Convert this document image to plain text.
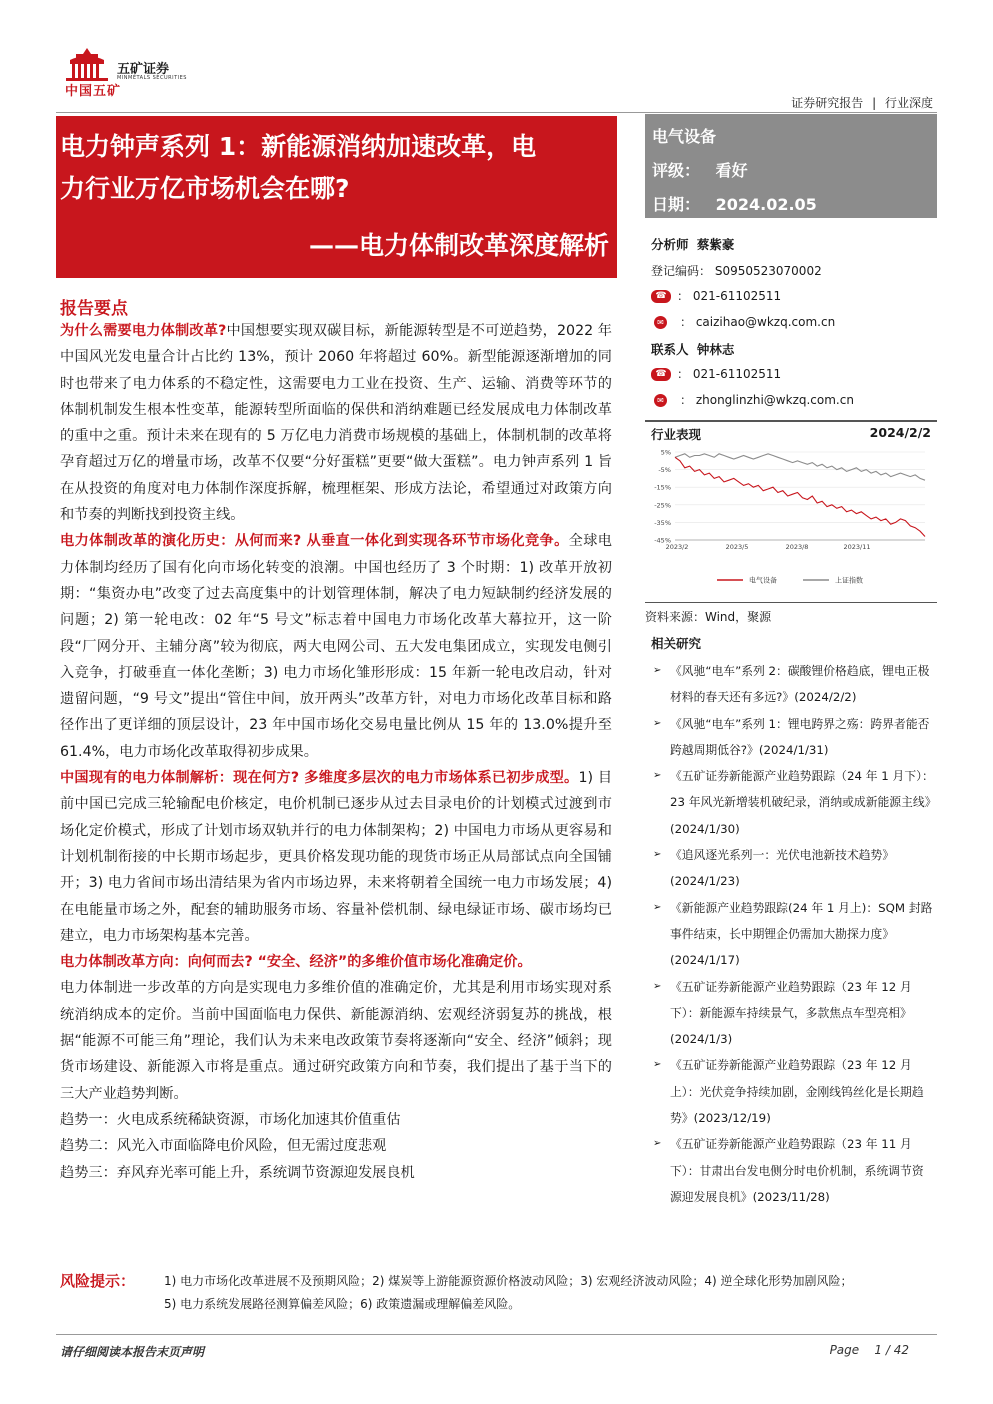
中国五矿
五矿证券
MINMETALS SECURITIES
证券研究报告 | 行业深度
电力钟声系列 1：新能源消纳加速改革，电
力行业万亿市场机会在哪?
——电力体制改革深度解析
电气设备
评级： 看好
日期： 2024.02.05
分析师 蔡紫豪
登记编码： S0950523070002
☎ ： 021-61102511
✉ ： caizihao@wkzq.com.cn
联系人 钟林志
☎ ： 021-61102511
✉ ： zhonglinzhi@wkzq.com.cn
行业表现	2024/2/2
5%
-5%
-15%
-25%
-35%
-45%
2023/2	2023/5	2023/8	2023/11
电气设备	上证指数
资料来源：Wind，聚源
相关研究
➢ 《风驰“电车”系列 2：碳酸锂价格趋底，锂电正极材料的春天还有多远?》(2024/2/2)
➢ 《风驰“电车”系列 1：锂电跨界之殇：跨界者能否跨越周期低谷?》(2024/1/31)
➢ 《五矿证券新能源产业趋势跟踪（24 年 1 月下）：23 年风光新增装机破纪录，消纳或成新能源主线》(2024/1/30)
➢ 《追风逐光系列一：光伏电池新技术趋势》(2024/1/23)
➢ 《新能源产业趋势跟踪(24 年 1 月上)：SQM 封路事件结束，长中期锂企仍需加大勘探力度》(2024/1/17)
➢ 《五矿证券新能源产业趋势跟踪（23 年 12 月下）：新能源车持续景气，多款焦点车型亮相》(2024/1/3)
➢ 《五矿证券新能源产业趋势跟踪（23 年 12 月上）：光伏竞争持续加剧，金刚线钨丝化是长期趋势》(2023/12/19)
➢ 《五矿证券新能源产业趋势跟踪（23 年 11 月下）：甘肃出台发电侧分时电价机制，系统调节资源迎发展良机》(2023/11/28)
报告要点

为什么需要电力体制改革?中国想要实现双碳目标，新能源转型是不可逆趋势，2022 年中国风光发电量合计占比约 13%，预计 2060 年将超过 60%。新型能源逐渐增加的同时也带来了电力体系的不稳定性，这需要电力工业在投资、生产、运输、消费等环节的体制机制发生根本性变革，能源转型所面临的保供和消纳难题已经发展成电力体制改革的重中之重。预计未来在现有的 5 万亿电力消费市场规模的基础上，体制机制的改革将孕育超过万亿的增量市场，改革不仅要“分好蛋糕”更要“做大蛋糕”。电力钟声系列 1 旨在从投资的角度对电力体制作深度拆解，梳理框架、形成方法论，希望通过对政策方向和节奏的判断找到投资主线。

电力体制改革的演化历史：从何而来? 从垂直一体化到实现各环节市场化竞争。全球电力体制均经历了国有化向市场化转变的浪潮。中国也经历了 3 个时期：1) 改革开放初期：“集资办电”改变了过去高度集中的计划管理体制，解决了电力短缺制约经济发展的问题；2) 第一轮电改：02 年“5 号文”标志着中国电力市场化改革大幕拉开，这一阶段“厂网分开、主辅分离”较为彻底，两大电网公司、五大发电集团成立，实现发电侧引入竞争，打破垂直一体化垄断；3) 电力市场化雏形形成：15 年新一轮电改启动，针对遗留问题，“9 号文”提出“管住中间，放开两头”改革方针，对电力市场化改革目标和路径作出了更详细的顶层设计，23 年中国市场化交易电量比例从 15 年的 13.0%提升至 61.4%，电力市场化改革取得初步成果。

中国现有的电力体制解析：现在何方? 多维度多层次的电力市场体系已初步成型。1) 目前中国已完成三轮输配电价核定，电价机制已逐步从过去目录电价的计划模式过渡到市场化定价模式，形成了计划市场双轨并行的电力体制架构；2) 中国电力市场从更容易和计划机制衔接的中长期市场起步，更具价格发现功能的现货市场正从局部试点向全国铺开；3) 电力省间市场出清结果为省内市场边界，未来将朝着全国统一电力市场发展；4) 在电能量市场之外，配套的辅助服务市场、容量补偿机制、绿电绿证市场、碳市场均已建立，电力市场架构基本完善。

电力体制改革方向：向何而去? “安全、经济”的多维价值市场化准确定价。

电力体制进一步改革的方向是实现电力多维价值的准确定价，尤其是利用市场实现对系统消纳成本的定价。当前中国面临电力保供、新能源消纳、宏观经济弱复苏的挑战，根据“能源不可能三角”理论，我们认为未来电改政策节奏将逐渐向“安全、经济”倾斜；现货市场建设、新能源入市将是重点。通过研究政策方向和节奏，我们提出了基于当下的三大产业趋势判断。

趋势一：火电成系统稀缺资源，市场化加速其价值重估

趋势二：风光入市面临降电价风险，但无需过度悲观

趋势三：弃风弃光率可能上升，系统调节资源迎发展良机

风险提示： 1) 电力市场化改革进展不及预期风险；2) 煤炭等上游能源资源价格波动风险；3) 宏观经济波动风险；4) 逆全球化形势加剧风险；
5) 电力系统发展路径测算偏差风险；6) 政策遗漏或理解偏差风险。
请仔细阅读本报告末页声明	Page    1 / 42
